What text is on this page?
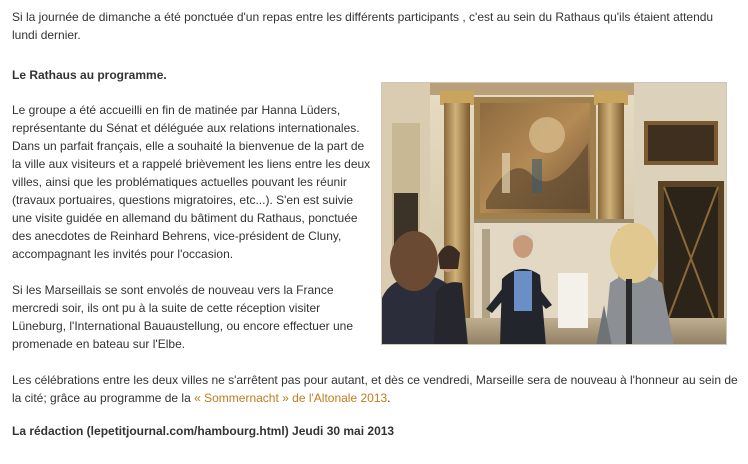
Si la journée de dimanche a été ponctuée d'un repas entre les différents participants , c'est au sein du Rathaus qu'ils étaient attendu lundi dernier.

Le Rathaus au programme.

Le groupe a été accueilli en fin de matinée par Hanna Lüders, représentante du Sénat et déléguée aux relations internationales. Dans un parfait français, elle a souhaité la bienvenue de la part de la ville aux visiteurs et a rappelé brièvement les liens entre les deux villes, ainsi que les problématiques actuelles pouvant les réunir (travaux portuaires, questions migratoires, etc...). S'en est suivie une visite guidée en allemand du bâtiment du Rathaus, ponctuée des anecdotes de Reinhard Behrens, vice-président de Cluny, accompagnant les invités pour l'occasion.

Si les Marseillais se sont envolés de nouveau vers la France mercredi soir, ils ont pu à la suite de cette réception visiter Lüneburg, l'International Bauaustellung, ou encore effectuer une promenade en bateau sur l'Elbe.

Les célébrations entre les deux villes ne s'arrêtent pas pour autant, et dès ce vendredi, Marseille sera de nouveau à l'honneur au sein de la cité; grâce au programme de la « Sommernacht » de l'Altonale 2013.

La rédaction (lepetitjournal.com/hambourg.html) Jeudi 30 mai 2013
